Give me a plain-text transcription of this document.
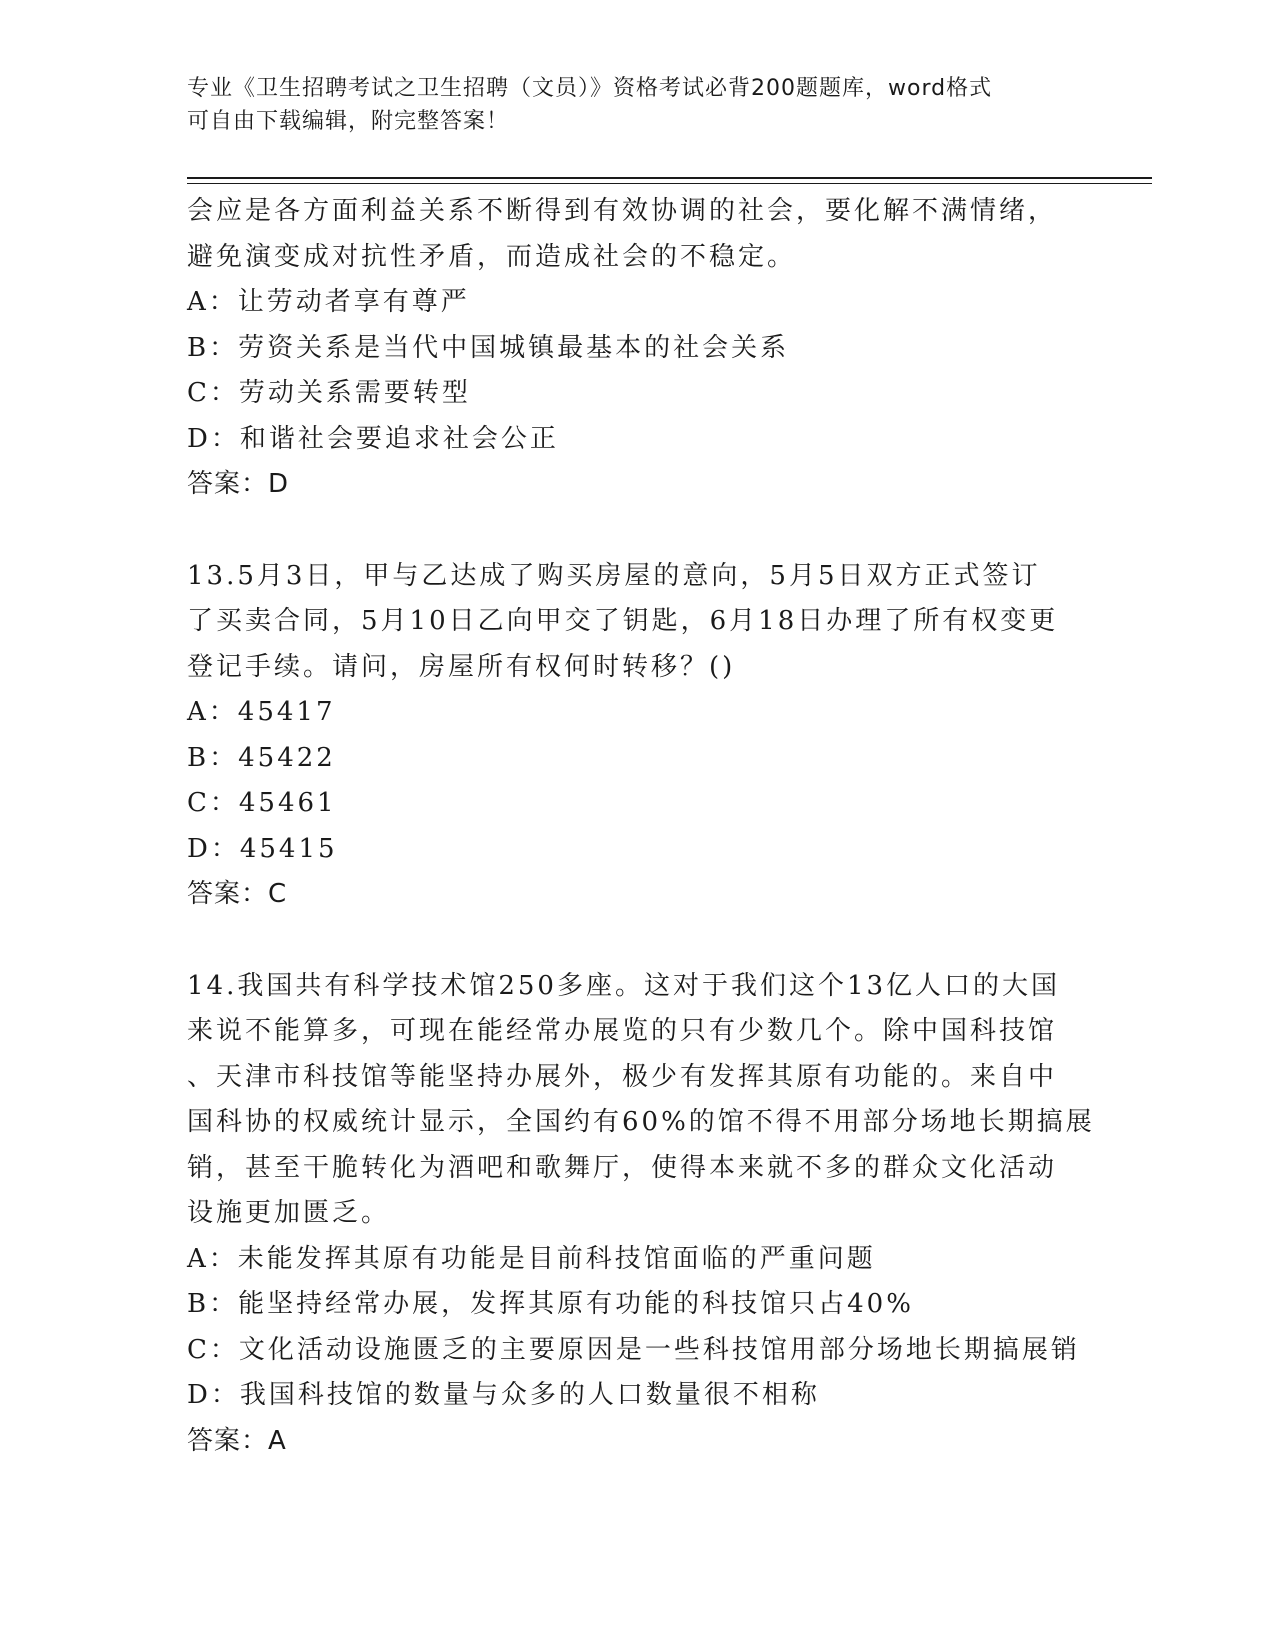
专业《卫生招聘考试之卫生招聘（文员）》资格考试必背200题题库，word格式
可自由下载编辑，附完整答案！
会应是各方面利益关系不断得到有效协调的社会，要化解不满情绪，
避免演变成对抗性矛盾，而造成社会的不稳定。
A：让劳动者享有尊严
B：劳资关系是当代中国城镇最基本的社会关系
C：劳动关系需要转型
D：和谐社会要追求社会公正
答案：D
13.5月3日，甲与乙达成了购买房屋的意向，5月5日双方正式签订
了买卖合同，5月10日乙向甲交了钥匙，6月18日办理了所有权变更
登记手续。请问，房屋所有权何时转移？()
A：45417
B：45422
C：45461
D：45415
答案：C
14.我国共有科学技术馆250多座。这对于我们这个13亿人口的大国
来说不能算多，可现在能经常办展览的只有少数几个。除中国科技馆
、天津市科技馆等能坚持办展外，极少有发挥其原有功能的。来自中
国科协的权威统计显示，全国约有60%的馆不得不用部分场地长期搞展
销，甚至干脆转化为酒吧和歌舞厅，使得本来就不多的群众文化活动
设施更加匮乏。
A：未能发挥其原有功能是目前科技馆面临的严重问题
B：能坚持经常办展，发挥其原有功能的科技馆只占40%
C：文化活动设施匮乏的主要原因是一些科技馆用部分场地长期搞展销
D：我国科技馆的数量与众多的人口数量很不相称
答案：A
